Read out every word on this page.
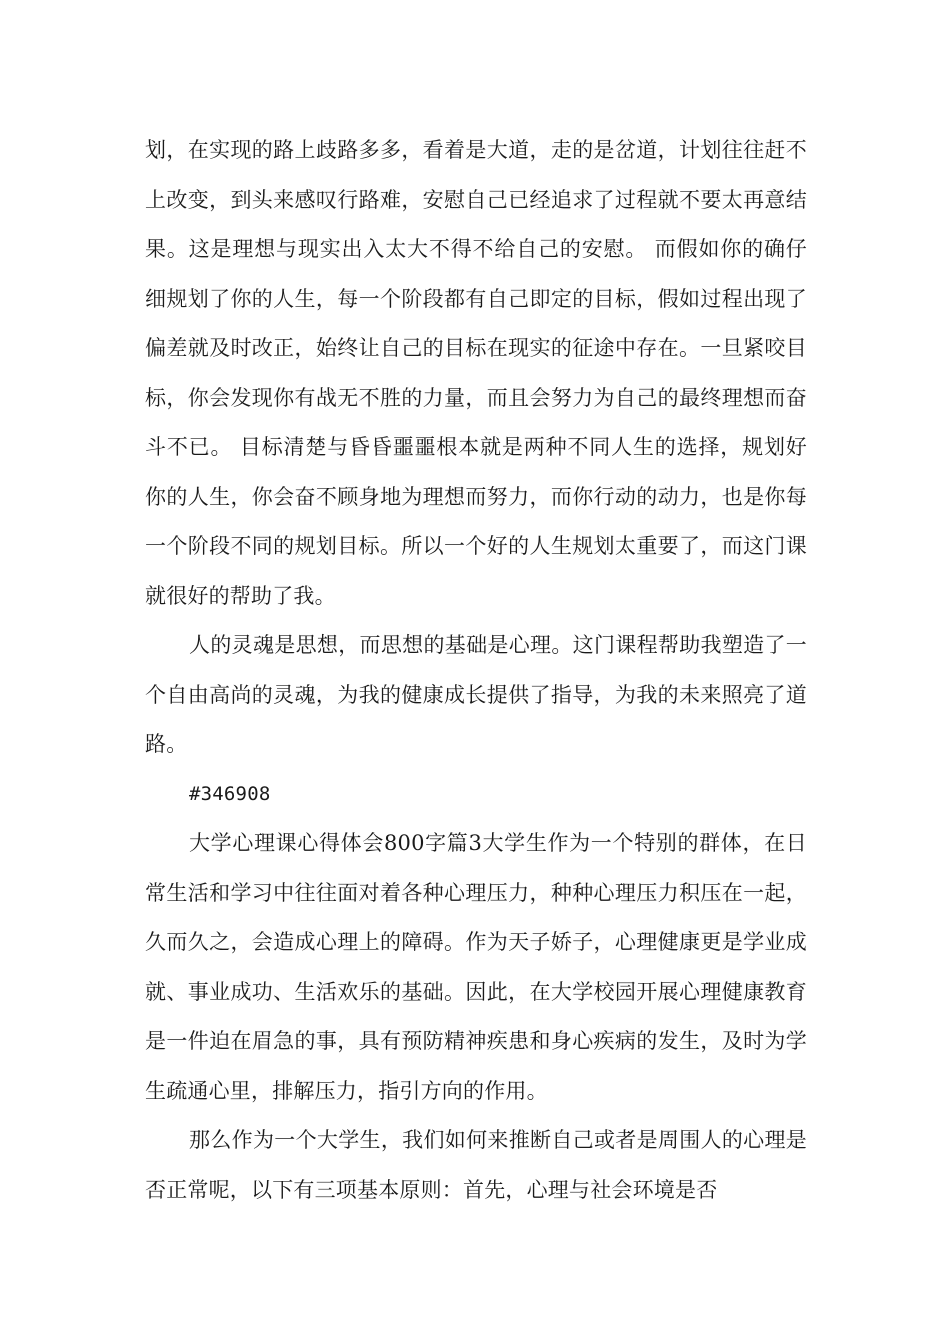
划，在实现的路上歧路多多，看着是大道，走的是岔道，计划往往赶不上改变，到头来感叹行路难，安慰自己已经追求了过程就不要太再意结果。这是理想与现实出入太大不得不给自己的安慰。 而假如你的确仔细规划了你的人生，每一个阶段都有自己即定的目标，假如过程出现了偏差就及时改正，始终让自己的目标在现实的征途中存在。一旦紧咬目标，你会发现你有战无不胜的力量，而且会努力为自己的最终理想而奋斗不已。 目标清楚与昏昏噩噩根本就是两种不同人生的选择，规划好你的人生，你会奋不顾身地为理想而努力，而你行动的动力，也是你每一个阶段不同的规划目标。所以一个好的人生规划太重要了，而这门课就很好的帮助了我。

人的灵魂是思想，而思想的基础是心理。这门课程帮助我塑造了一个自由高尚的灵魂，为我的健康成长提供了指导，为我的未来照亮了道路。

#346908

大学心理课心得体会800字篇3大学生作为一个特别的群体，在日常生活和学习中往往面对着各种心理压力，种种心理压力积压在一起，久而久之，会造成心理上的障碍。作为天子娇子，心理健康更是学业成就、事业成功、生活欢乐的基础。因此，在大学校园开展心理健康教育是一件迫在眉急的事，具有预防精神疾患和身心疾病的发生，及时为学生疏通心里，排解压力，指引方向的作用。

那么作为一个大学生，我们如何来推断自己或者是周围人的心理是否正常呢，以下有三项基本原则：首先，心理与社会环境是否
